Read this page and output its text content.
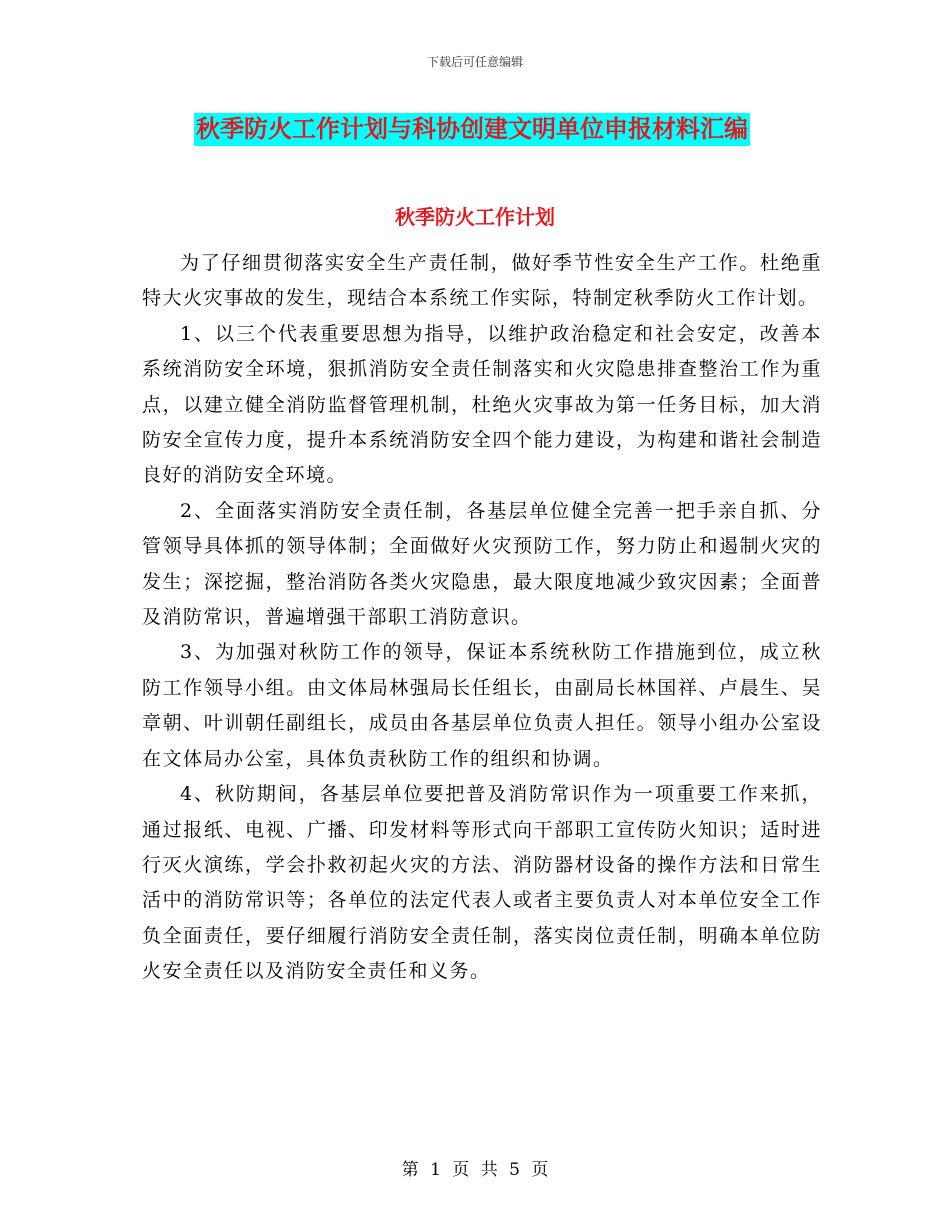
下载后可任意编辑
秋季防火工作计划与科协创建文明单位申报材料汇编
秋季防火工作计划

为了仔细贯彻落实安全生产责任制，做好季节性安全生产工作。杜绝重特大火灾事故的发生，现结合本系统工作实际，特制定秋季防火工作计划。

1、以三个代表重要思想为指导，以维护政治稳定和社会安定，改善本系统消防安全环境，狠抓消防安全责任制落实和火灾隐患排查整治工作为重点，以建立健全消防监督管理机制，杜绝火灾事故为第一任务目标，加大消防安全宣传力度，提升本系统消防安全四个能力建设，为构建和谐社会制造良好的消防安全环境。

2、全面落实消防安全责任制，各基层单位健全完善一把手亲自抓、分管领导具体抓的领导体制；全面做好火灾预防工作，努力防止和遏制火灾的发生；深挖掘，整治消防各类火灾隐患，最大限度地减少致灾因素；全面普及消防常识，普遍增强干部职工消防意识。

3、为加强对秋防工作的领导，保证本系统秋防工作措施到位，成立秋防工作领导小组。由文体局林强局长任组长，由副局长林国祥、卢晨生、吴章朝、叶训朝任副组长，成员由各基层单位负责人担任。领导小组办公室设在文体局办公室，具体负责秋防工作的组织和协调。

4、秋防期间，各基层单位要把普及消防常识作为一项重要工作来抓，通过报纸、电视、广播、印发材料等形式向干部职工宣传防火知识；适时进行灭火演练，学会扑救初起火灾的方法、消防器材设备的操作方法和日常生活中的消防常识等；各单位的法定代表人或者主要负责人对本单位安全工作负全面责任，要仔细履行消防安全责任制，落实岗位责任制，明确本单位防火安全责任以及消防安全责任和义务。

第 1 页 共 5 页
